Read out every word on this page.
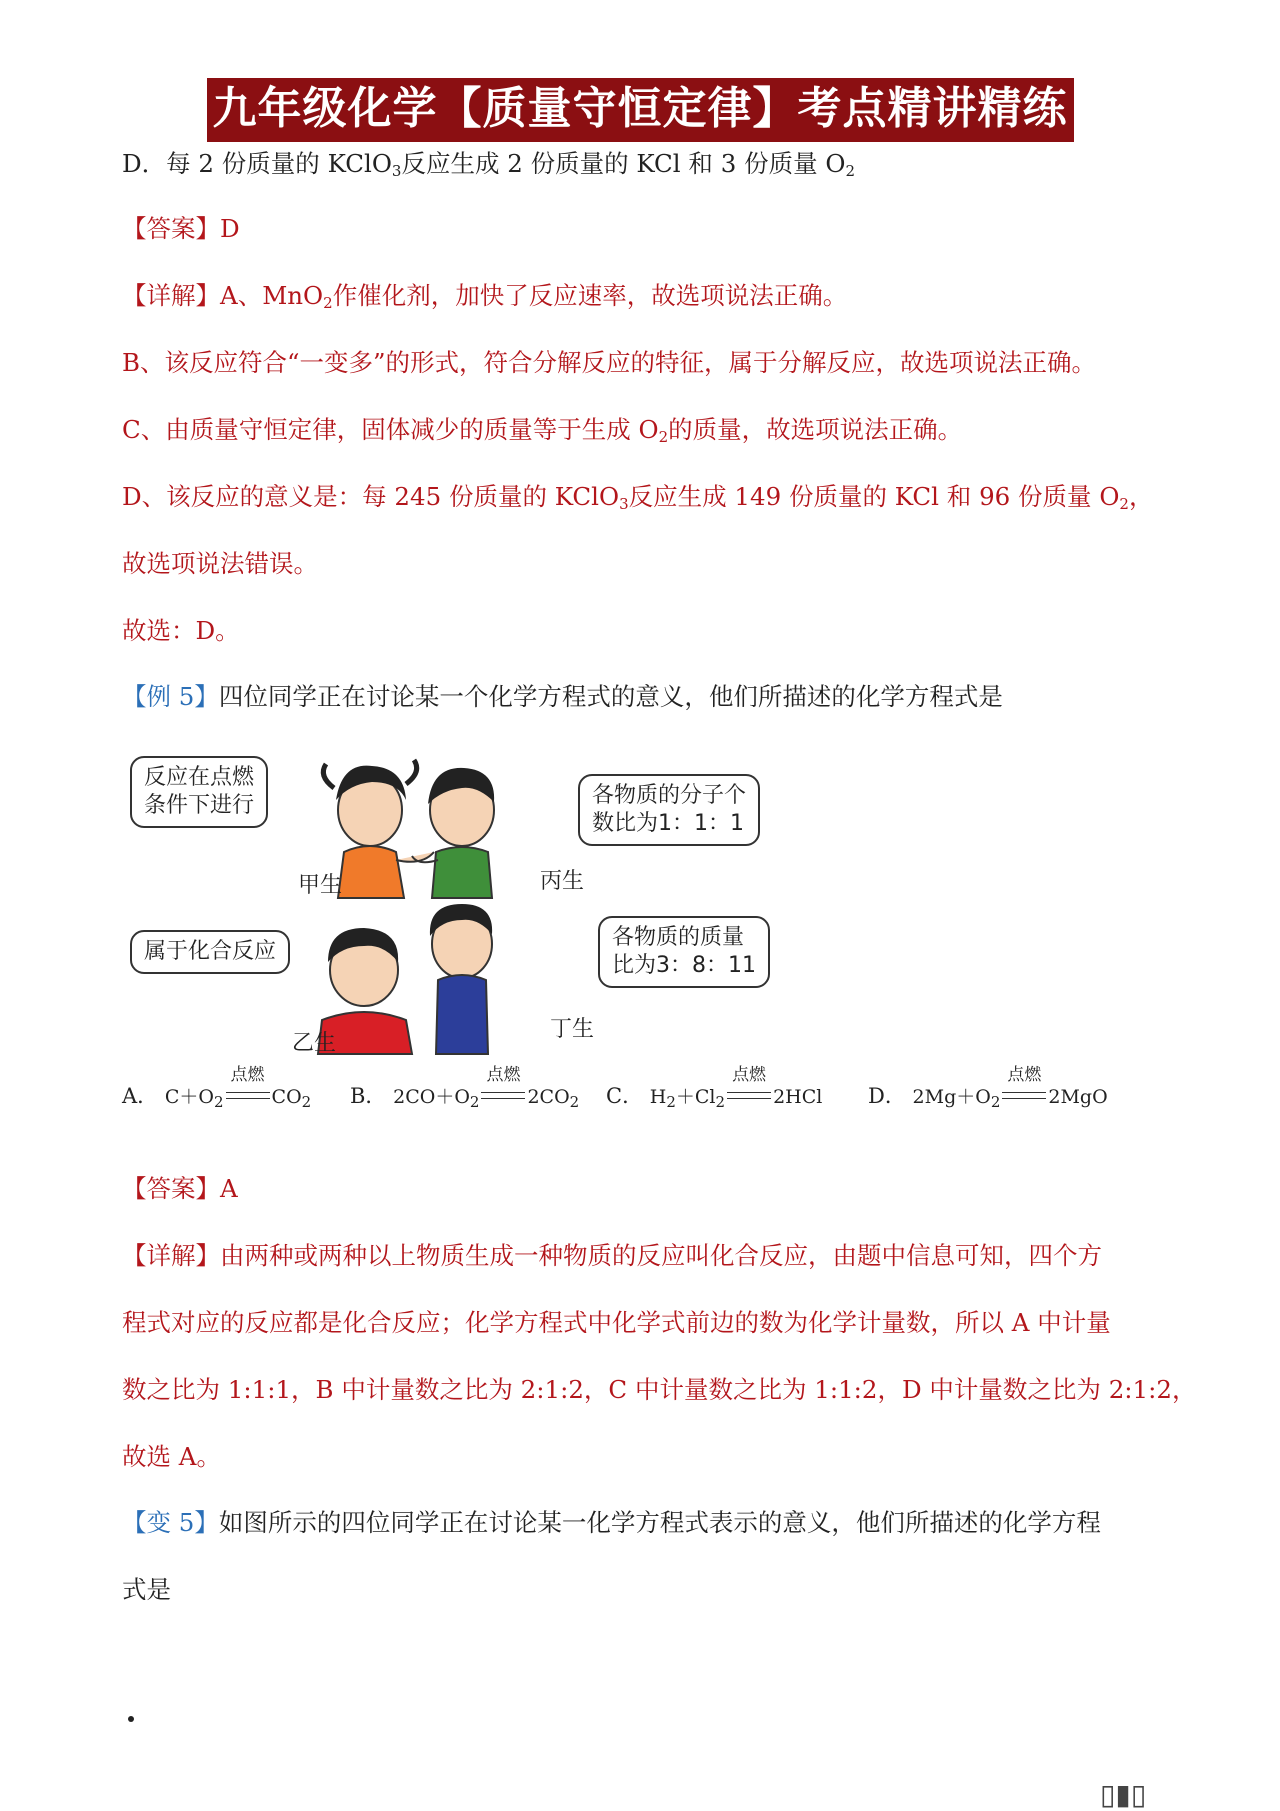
九年级化学【质量守恒定律】考点精讲精练
D．每 2 份质量的 KClO$_3$反应生成 2 份质量的 KCl 和 3 份质量 $O_2$
【答案】D
【详解】A、MnO$_2$作催化剂，加快了反应速率，故选项说法正确。
B、该反应符合“一变多”的形式，符合分解反应的特征，属于分解反应，故选项说法正确。
C、由质量守恒定律，固体减少的质量等于生成 $O_2$的质量，故选项说法正确。
D、该反应的意义是：每 245 份质量的 KClO$_3$反应生成 149 份质量的 KCl 和 96 份质量 $O_2$，
故选项说法错误。
故选：D。
【例 5】四位同学正在讨论某一个化学方程式的意义，他们所描述的化学方程式是
反应在点燃
条件下进行	各物质的分子个
数比为1：1：1
属于化合反应
各物质的质量
比为3：8：11
甲生	丙生
乙生
丁生
A． $C+O_2$
点燃
$CO_2$ B． $2CO+O_2$
点燃
$2CO_2$ C． $H_2+Cl_2$
点燃
2HCl D． $2Mg+O_2$
点燃
2MgO
【答案】A
【详解】由两种或两种以上物质生成一种物质的反应叫化合反应，由题中信息可知，四个方
程式对应的反应都是化合反应；化学方程式中化学式前边的数为化学计量数，所以 A 中计量
数之比为 1:1:1，B 中计量数之比为 2:1:2，C 中计量数之比为 1:1:2，D 中计量数之比为 2:1:2，
故选 A。
【变 5】如图所示的四位同学正在讨论某一化学方程式表示的意义，他们所描述的化学方程
式是
▯▮▯
